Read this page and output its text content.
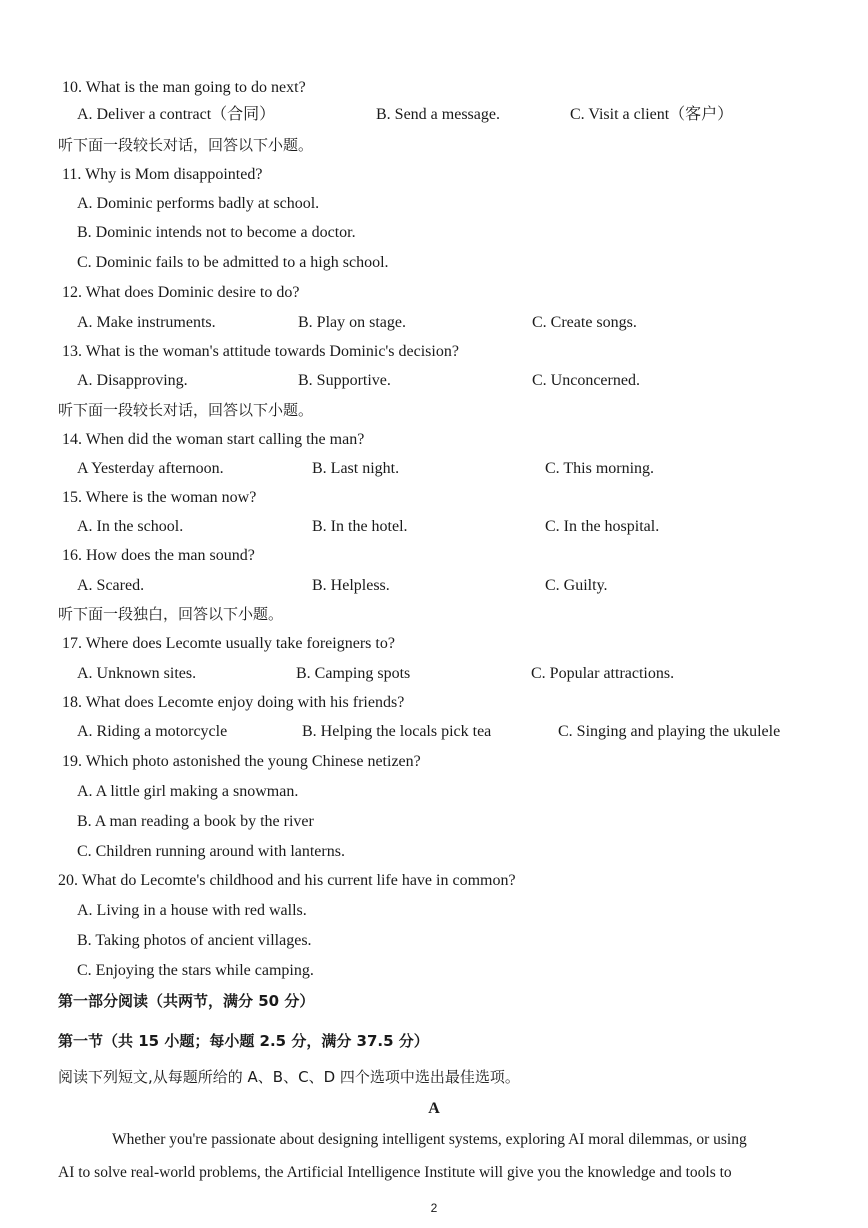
10. What is the man going to do next?
A. Deliver a contract（合同）	B. Send a message.	C. Visit a client（客户）
听下面一段较长对话，回答以下小题。
11. Why is Mom disappointed?
A. Dominic performs badly at school.
B. Dominic intends not to become a doctor.
C. Dominic fails to be admitted to a high school.
12. What does Dominic desire to do?
A. Make instruments.	B. Play on stage.	C. Create songs.
13. What is the woman's attitude towards Dominic's decision?
A. Disapproving.	B. Supportive.	C. Unconcerned.
听下面一段较长对话，回答以下小题。
14. When did the woman start calling the man?
A Yesterday afternoon.	B. Last night.	C. This morning.
15. Where is the woman now?
A. In the school.	B. In the hotel.	C. In the hospital.
16. How does the man sound?
A. Scared.	B. Helpless.	C. Guilty.
听下面一段独白，回答以下小题。
17. Where does Lecomte usually take foreigners to?
A. Unknown sites.	B. Camping spots	C. Popular attractions.
18. What does Lecomte enjoy doing with his friends?
A. Riding a motorcycle	B. Helping the locals pick tea	C. Singing and playing the ukulele
19. Which photo astonished the young Chinese netizen?
A. A little girl making a snowman.
B. A man reading a book by the river
C. Children running around with lanterns.
20. What do Lecomte's childhood and his current life have in common?
A. Living in a house with red walls.
B. Taking photos of ancient villages.
C. Enjoying the stars while camping.
第一部分阅读（共两节，满分 50 分）
第一节（共 15 小题；每小题 2.5 分，满分 37.5 分）
阅读下列短文,从每题所给的 A、B、C、D 四个选项中选出最佳选项。
A
Whether you're passionate about designing intelligent systems, exploring AI moral dilemmas, or using
AI to solve real-world problems, the Artificial Intelligence Institute will give you the knowledge and tools to
2
